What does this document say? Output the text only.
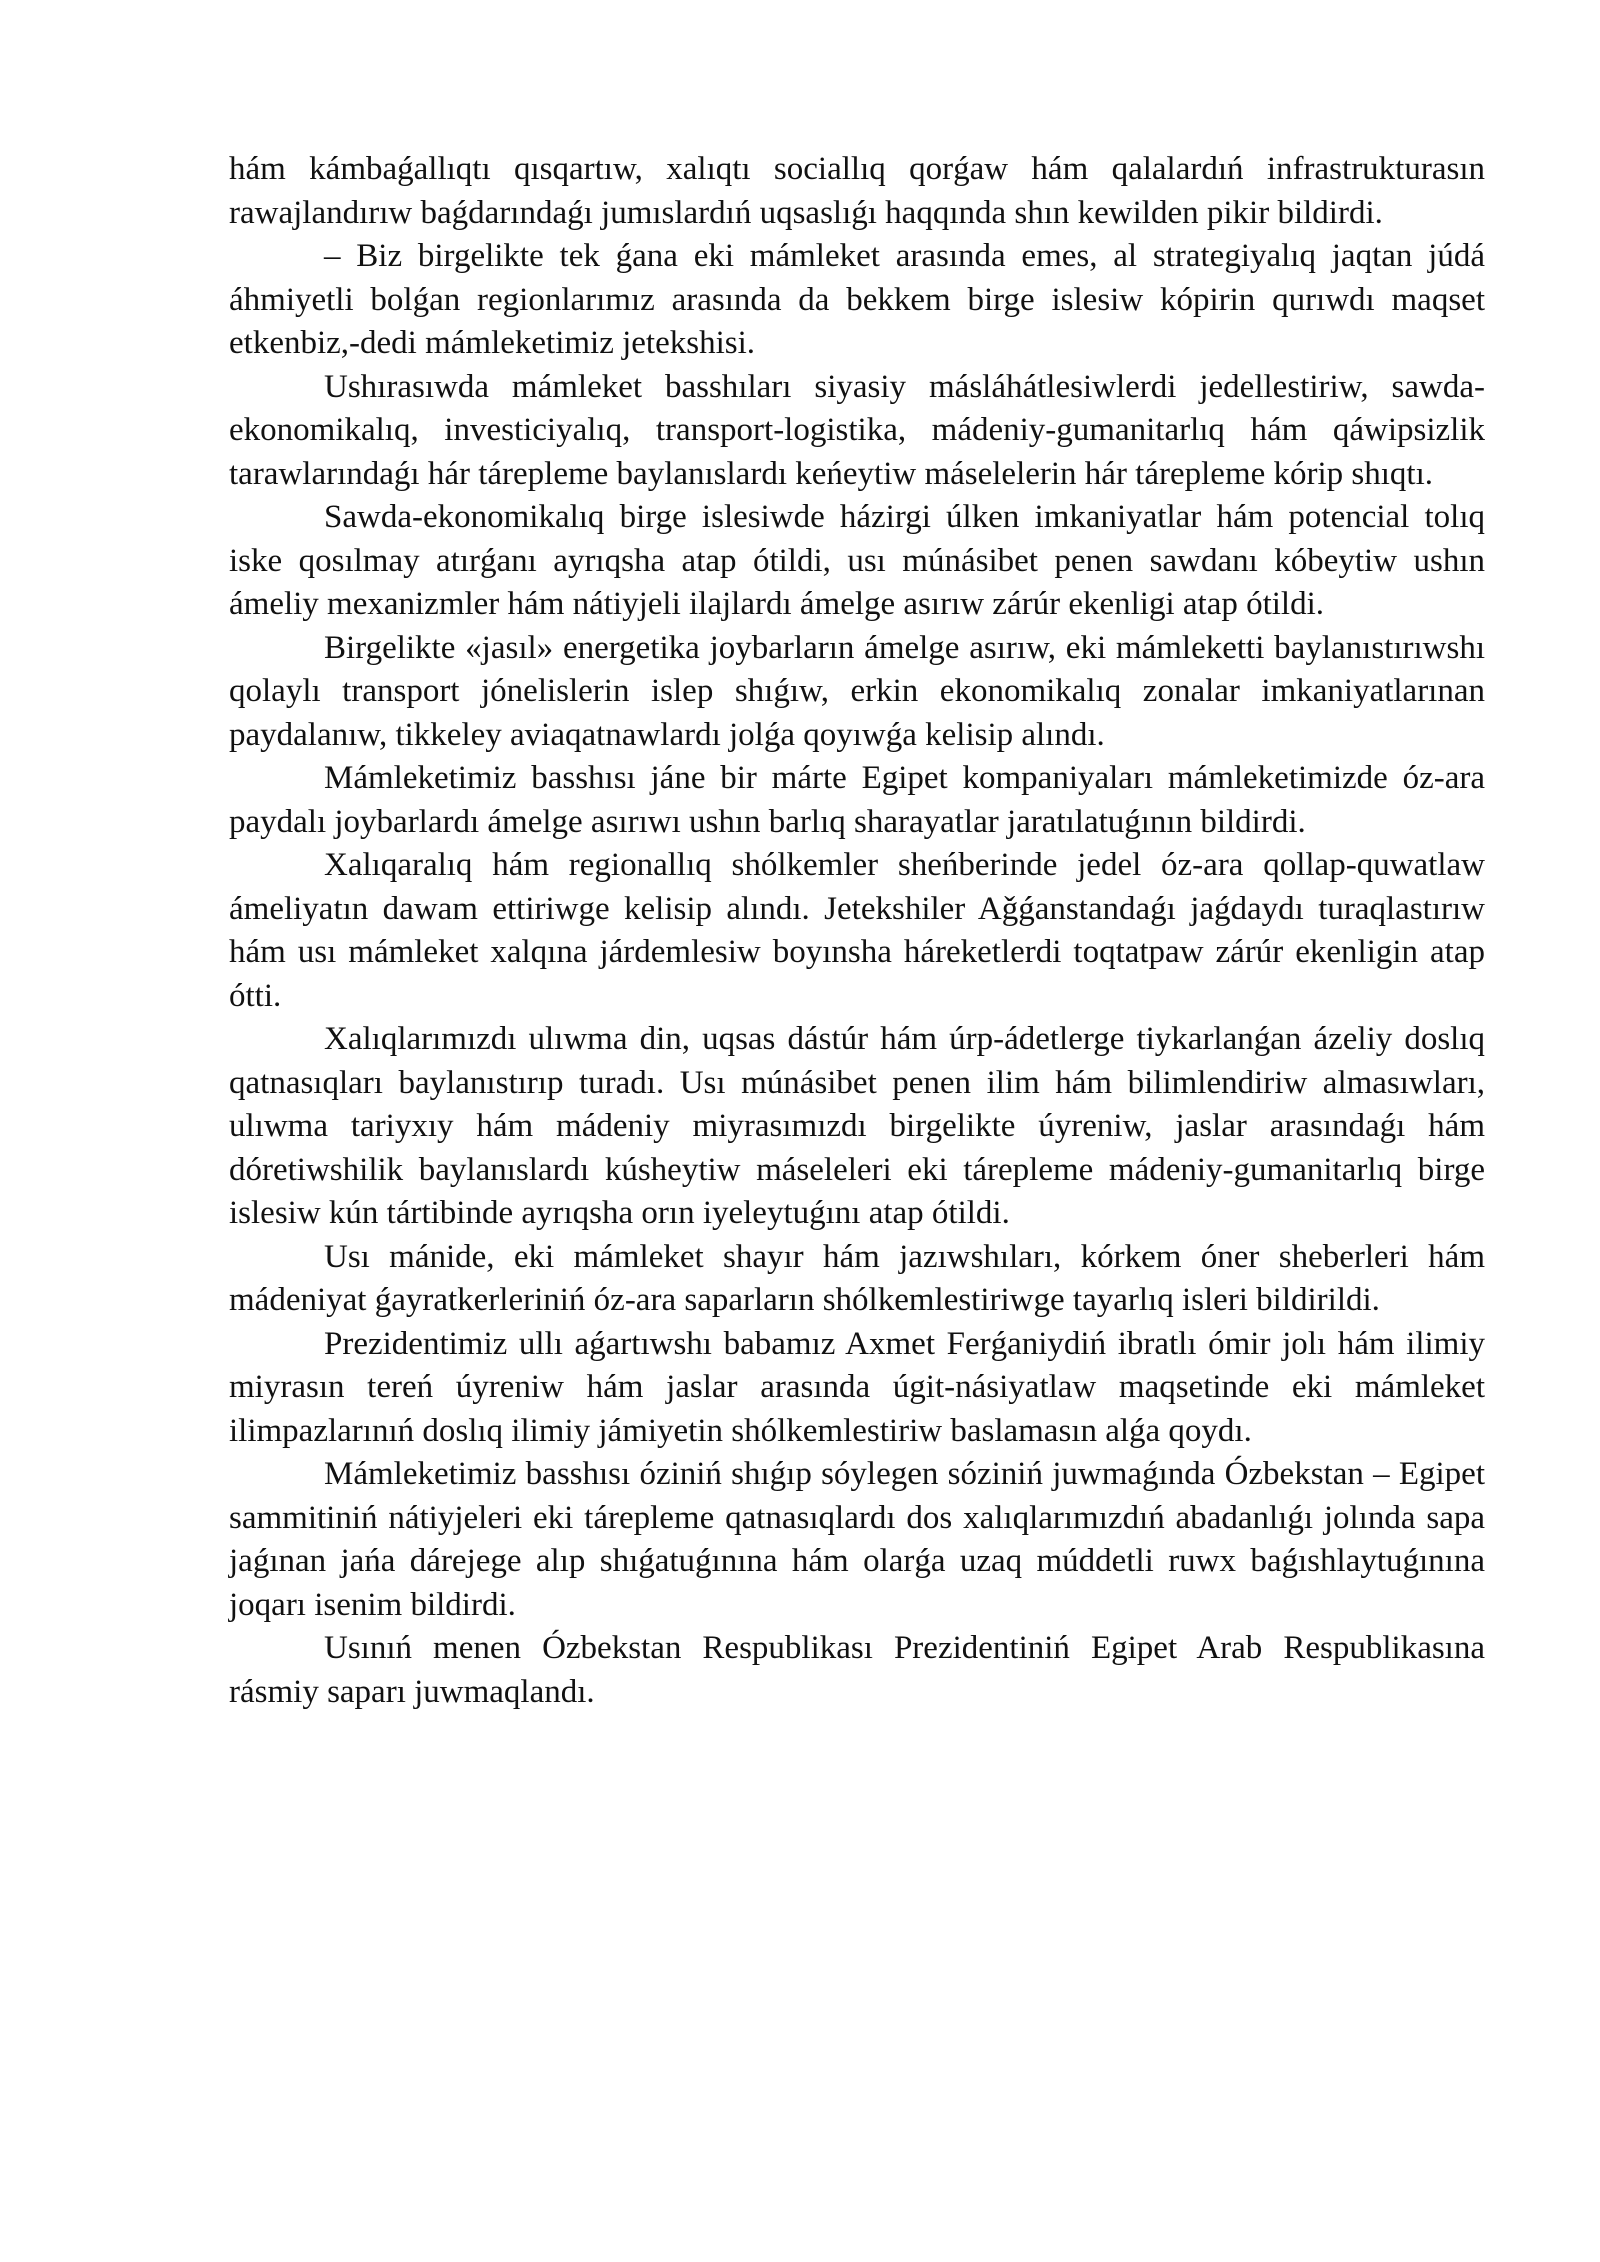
hám kámbaǵallıqtı qısqartıw, xalıqtı sociallıq qorǵaw hám qalalardıń infrastrukturasın rawajlandırıw baǵdarındaǵı jumıslardıń uqsaslıǵı haqqında shın kewilden pikir bildirdi.

– Biz birgelikte tek ǵana eki mámleket arasında emes, al strategiyalıq jaqtan júdá áhmiyetli bolǵan regionlarımız arasında da bekkem birge islesiw kópirin qurıwdı maqset etkenbiz,-dedi mámleketimiz jetekshisi.

Ushırasıwda mámleket basshıları siyasiy másláhátlesiwlerdi jedellestiriw, sawda-ekonomikalıq, investiciyalıq, transport-logistika, mádeniy-gumanitarlıq hám qáwipsizlik tarawlarındaǵı hár tárepleme baylanıslardı keńeytiw máselelerin hár tárepleme kórip shıqtı.

Sawda-ekonomikalıq birge islesiwde házirgi úlken imkaniyatlar hám potencial tolıq iske qosılmay atırǵanı ayrıqsha atap ótildi, usı múnásibet penen sawdanı kóbeytiw ushın ámeliy mexanizmler hám nátiyjeli ilajlardı ámelge asırıw zárúr ekenligi atap ótildi.

Birgelikte «jasıl» energetika joybarların ámelge asırıw, eki mámleketti baylanıstırıwshı qolaylı transport jónelislerin islep shıǵıw, erkin ekonomikalıq zonalar imkaniyatlarınan paydalanıw, tikkeley aviaqatnawlardı jolǵa qoyıwǵa kelisip alındı.

Mámleketimiz basshısı jáne bir márte Egipet kompaniyaları mámleketimizde óz-ara paydalı joybarlardı ámelge asırıwı ushın barlıq sharayatlar jaratılatuǵının bildirdi.

Xalıqaralıq hám regionallıq shólkemler sheńberinde jedel óz-ara qollap-quwatlaw ámeliyatın dawam ettiriwge kelisip alındı. Jetekshiler Aǧǵanstandaǵı jaǵdaydı turaqlastırıw hám usı mámleket xalqına járdemlesiw boyınsha háreketlerdi toqtatpaw zárúr ekenligin atap ótti.

Xalıqlarımızdı ulıwma din, uqsas dástúr hám úrp-ádetlerge tiykarlanǵan ázeliy doslıq qatnasıqları baylanıstırıp turadı. Usı múnásibet penen ilim hám bilimlendiriw almasıwları, ulıwma tariyxıy hám mádeniy miyrasımızdı birgelikte úyreniw, jaslar arasındaǵı hám dóretiwshilik baylanıslardı kúsheytiw máseleleri eki tárepleme mádeniy-gumanitarlıq birge islesiw kún tártibinde ayrıqsha orın iyeleytuǵını atap ótildi.

Usı mánide, eki mámleket shayır hám jazıwshıları, kórkem óner sheberleri hám mádeniyat ǵayratkerleriniń óz-ara saparların shólkemlestiriwge tayarlıq isleri bildirildi.

Prezidentimiz ullı aǵartıwshı babamız Axmet Ferǵaniydiń ibratlı ómir jolı hám ilimiy miyrasın tereń úyreniw hám jaslar arasında úgit-násiyatlaw maqsetinde eki mámleket ilimpazlarınıń doslıq ilimiy jámiyetin shólkemlestiriw baslamasın alǵa qoydı.

Mámleketimiz basshısı óziniń shıǵıp sóylegen sóziniń juwmaǵında Ózbekstan – Egipet sammitiniń nátiyjeleri eki tárepleme qatnasıqlardı dos xalıqlarımızdıń abadanlıǵı jolında sapa jaǵınan jańa dárejege alıp shıǵatuǵınına hám olarǵa uzaq múddetli ruwx baǵıshlaytuǵınına joqarı isenim bildirdi.

Usınıń menen Ózbekstan Respublikası Prezidentiniń Egipet Arab Respublikasına rásmiy saparı juwmaqlandı.
